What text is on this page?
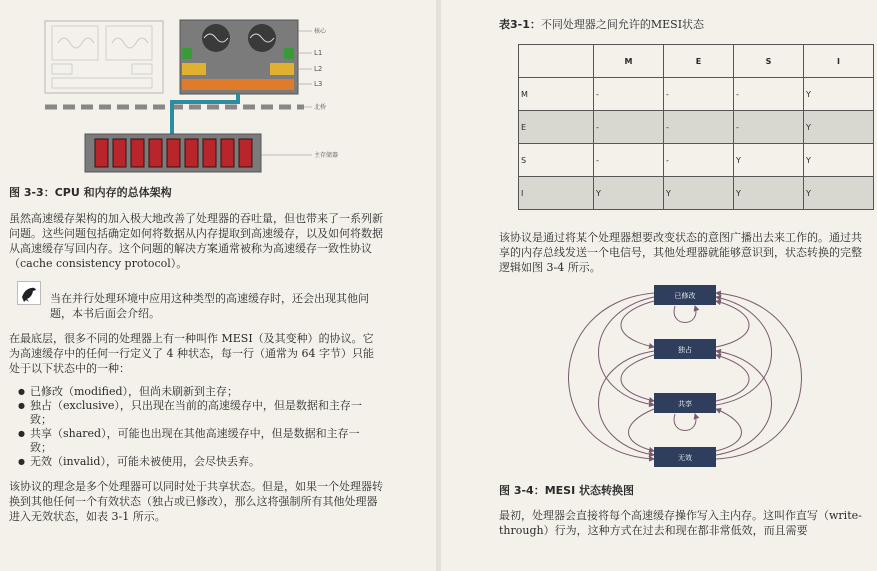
核心
L1
L2
L3
北桥
主存储器
图 3-3：CPU 和内存的总体架构

虽然高速缓存架构的加入极大地改善了处理器的吞吐量，但也带来了一系列新问题。这些问题包括确定如何将数据从内存提取到高速缓存，以及如何将数据从高速缓存写回内存。这个问题的解决方案通常被称为高速缓存一致性协议（cache consistency protocol）。

当在并行处理环境中应用这种类型的高速缓存时，还会出现其他问题，本书后面会介绍。

在最底层，很多不同的处理器上有一种叫作 MESI（及其变种）的协议。它为高速缓存中的任何一行定义了 4 种状态，每一行（通常为 64 字节）只能处于以下状态中的一种：

● 已修改（modified），但尚未刷新到主存；
● 独占（exclusive），只出现在当前的高速缓存中，但是数据和主存一致；
● 共享（shared），可能也出现在其他高速缓存中，但是数据和主存一致；
● 无效（invalid），可能未被使用，会尽快丢弃。

该协议的理念是多个处理器可以同时处于共享状态。但是，如果一个处理器转换到其他任何一个有效状态（独占或已修改），那么这将强制所有其他处理器进入无效状态，如表 3-1 所示。

表3-1：不同处理器之间允许的MESI状态
	M	E	S	I
M	-	-	-	Y
E	-	-	-	Y
S	-	-	Y	Y
I	Y	Y	Y	Y

该协议是通过将某个处理器想要改变状态的意图广播出去来工作的。通过共享的内存总线发送一个电信号，其他处理器就能够意识到，状态转换的完整逻辑如图 3-4 所示。

已修改
独占
共享
无效
图 3-4：MESI 状态转换图

最初，处理器会直接将每个高速缓存操作写入主内存。这叫作直写（write-through）行为，这种方式在过去和现在都非常低效，而且需要
